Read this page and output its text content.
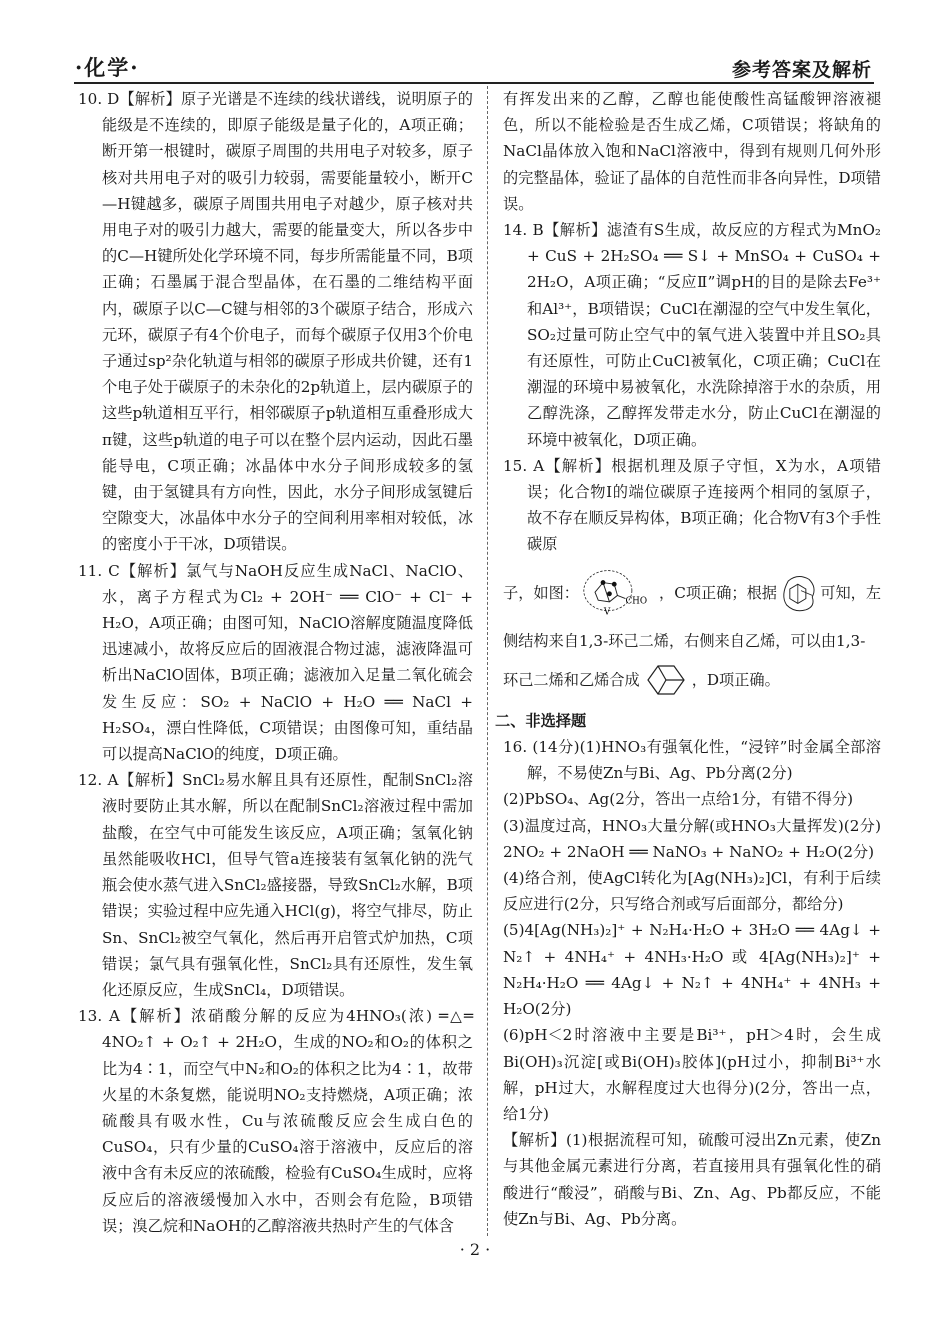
·化学·	参考答案及解析

10. D【解析】原子光谱是不连续的线状谱线，说明原子的能级是不连续的，即原子能级是量子化的，A项正确；断开第一根键时，碳原子周围的共用电子对较多，原子核对共用电子对的吸引力较弱，需要能量较小，断开C—H键越多，碳原子周围共用电子对越少，原子核对共用电子对的吸引力越大，需要的能量变大，所以各步中的C—H键所处化学环境不同，每步所需能量不同，B项正确；石墨属于混合型晶体，在石墨的二维结构平面内，碳原子以C—C键与相邻的3个碳原子结合，形成六元环，碳原子有4个价电子，而每个碳原子仅用3个价电子通过sp²杂化轨道与相邻的碳原子形成共价键，还有1个电子处于碳原子的未杂化的2p轨道上，层内碳原子的这些p轨道相互平行，相邻碳原子p轨道相互重叠形成大π键，这些p轨道的电子可以在整个层内运动，因此石墨能导电，C项正确；冰晶体中水分子间形成较多的氢键，由于氢键具有方向性，因此，水分子间形成氢键后空隙变大，冰晶体中水分子的空间利用率相对较低，冰的密度小于干冰，D项错误。

11. C【解析】氯气与NaOH反应生成NaCl、NaClO、水，离子方程式为Cl₂ + 2OH⁻ ══ ClO⁻ + Cl⁻ + H₂O，A项正确；由图可知，NaClO溶解度随温度降低迅速减小，故将反应后的固液混合物过滤，滤液降温可析出NaClO固体，B项正确；滤液加入足量二氧化硫会发生反应：SO₂ + NaClO + H₂O ══ NaCl + H₂SO₄，漂白性降低，C项错误；由图像可知，重结晶可以提高NaClO的纯度，D项正确。

12. A【解析】SnCl₂易水解且具有还原性，配制SnCl₂溶液时要防止其水解，所以在配制SnCl₂溶液过程中需加盐酸，在空气中可能发生该反应，A项正确；氢氧化钠虽然能吸收HCl，但导气管a连接装有氢氧化钠的洗气瓶会使水蒸气进入SnCl₂盛接器，导致SnCl₂水解，B项错误；实验过程中应先通入HCl(g)，将空气排尽，防止Sn、SnCl₂被空气氧化，然后再开启管式炉加热，C项错误；氯气具有强氧化性，SnCl₂具有还原性，发生氧化还原反应，生成SnCl₄，D项错误。

13. A【解析】浓硝酸分解的反应为4HNO₃(浓) ═△═ 4NO₂↑ + O₂↑ + 2H₂O，生成的NO₂和O₂的体积之比为4∶1，而空气中N₂和O₂的体积之比为4∶1，故带火星的木条复燃，能说明NO₂支持燃烧，A项正确；浓硫酸具有吸水性，Cu与浓硫酸反应会生成白色的CuSO₄，只有少量的CuSO₄溶于溶液中，反应后的溶液中含有未反应的浓硫酸，检验有CuSO₄生成时，应将反应后的溶液缓慢加入水中，否则会有危险，B项错误；溴乙烷和NaOH的乙醇溶液共热时产生的气体含

有挥发出来的乙醇，乙醇也能使酸性高锰酸钾溶液褪色，所以不能检验是否生成乙烯，C项错误；将缺角的NaCl晶体放入饱和NaCl溶液中，得到有规则几何外形的完整晶体，验证了晶体的自范性而非各向异性，D项错误。

14. B【解析】滤渣有S生成，故反应的方程式为MnO₂ + CuS + 2H₂SO₄ ══ S↓ + MnSO₄ + CuSO₄ + 2H₂O，A项正确；“反应Ⅱ”调pH的目的是除去Fe³⁺和Al³⁺，B项错误；CuCl在潮湿的空气中发生氧化，SO₂过量可防止空气中的氧气进入装置中并且SO₂具有还原性，可防止CuCl被氧化，C项正确；CuCl在潮湿的环境中易被氧化，水洗除掉溶于水的杂质，用乙醇洗涤，乙醇挥发带走水分，防止CuCl在潮湿的环境中被氧化，D项正确。

15. A【解析】根据机理及原子守恒，X为水，A项错误；化合物Ⅰ的端位碳原子连接两个相同的氢原子，故不存在顺反异构体，B项正确；化合物Ⅴ有3个手性碳原

子，如图：	CHO
V
，C项正确；根据	可知，左

侧结构来自1,3-环己二烯，右侧来自乙烯，可以由1,3-

环己二烯和乙烯合成	，D项正确。
二、非选择题

16. (14分)(1)HNO₃有强氧化性，“浸锌”时金属全部溶解，不易使Zn与Bi、Ag、Pb分离(2分)

(2)PbSO₄、Ag(2分，答出一点给1分，有错不得分)

(3)温度过高，HNO₃大量分解(或HNO₃大量挥发)(2分)　2NO₂ + 2NaOH ══ NaNO₃ + NaNO₂ + H₂O(2分)

(4)络合剂，使AgCl转化为[Ag(NH₃)₂]Cl，有利于后续反应进行(2分，只写络合剂或写后面部分，都给分)

(5)4[Ag(NH₃)₂]⁺ + N₂H₄·H₂O + 3H₂O ══ 4Ag↓ + N₂↑ + 4NH₄⁺ + 4NH₃·H₂O 或 4[Ag(NH₃)₂]⁺ + N₂H₄·H₂O ══ 4Ag↓ + N₂↑ + 4NH₄⁺ + 4NH₃ + H₂O(2分)

(6)pH＜2时溶液中主要是Bi³⁺，pH＞4时，会生成Bi(OH)₃沉淀[或Bi(OH)₃胶体](pH过小，抑制Bi³⁺水解，pH过大，水解程度过大也得分)(2分，答出一点，给1分)

【解析】(1)根据流程可知，硫酸可浸出Zn元素，使Zn与其他金属元素进行分离，若直接用具有强氧化性的硝酸进行“酸浸”，硝酸与Bi、Zn、Ag、Pb都反应，不能使Zn与Bi、Ag、Pb分离。

· 2 ·
